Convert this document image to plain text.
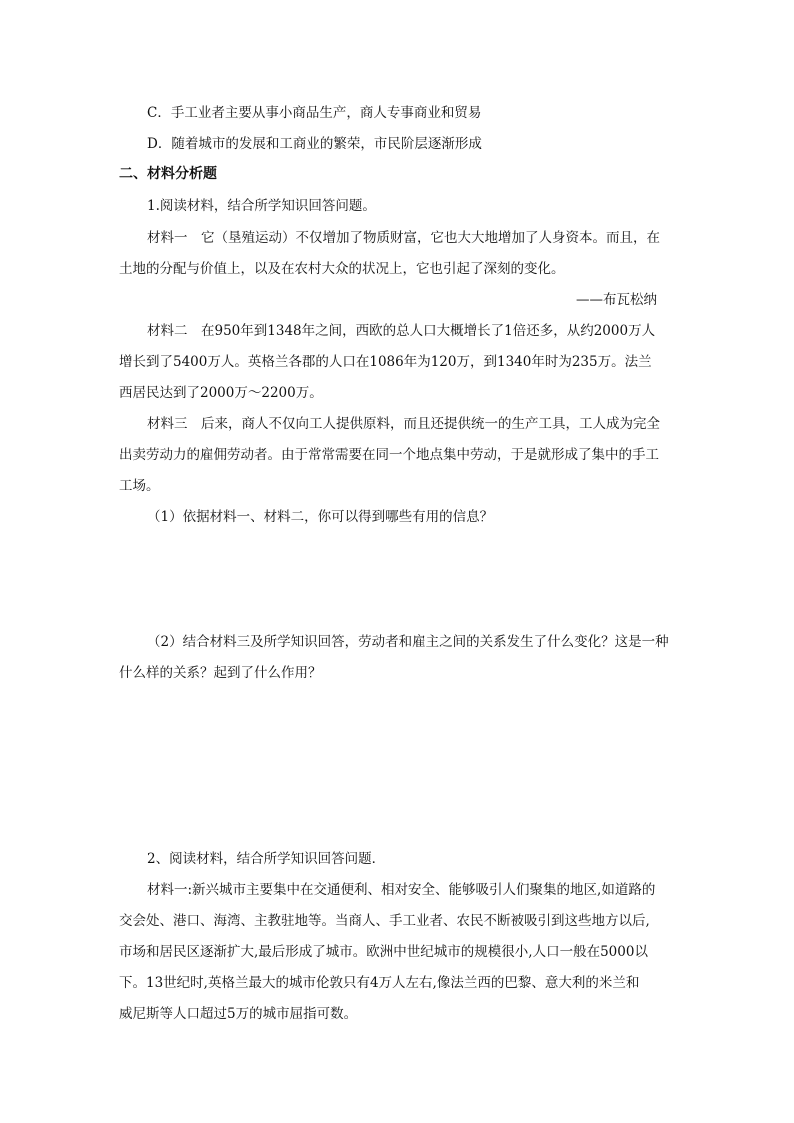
C．手工业者主要从事小商品生产，商人专事商业和贸易
D．随着城市的发展和工商业的繁荣，市民阶层逐渐形成
二、材料分析题
1.阅读材料，结合所学知识回答问题。
材料一　它（垦殖运动）不仅增加了物质财富，它也大大地增加了人身资本。而且，在
土地的分配与价值上，以及在农村大众的状况上，它也引起了深刻的变化。
——布瓦松纳
材料二　在950年到1348年之间，西欧的总人口大概增长了1倍还多，从约2000万人
增长到了5400万人。英格兰各郡的人口在1086年为120万，到1340年时为235万。法兰
西居民达到了2000万～2200万。
材料三　后来，商人不仅向工人提供原料，而且还提供统一的生产工具，工人成为完全
出卖劳动力的雇佣劳动者。由于常常需要在同一个地点集中劳动，于是就形成了集中的手工
工场。
（1）依据材料一、材料二，你可以得到哪些有用的信息？
（2）结合材料三及所学知识回答，劳动者和雇主之间的关系发生了什么变化？这是一种
什么样的关系？起到了什么作用？
2、阅读材料，结合所学知识回答问题．
材料一:新兴城市主要集中在交通便利、相对安全、能够吸引人们聚集的地区,如道路的
交会处、港口、海湾、主教驻地等。当商人、手工业者、农民不断被吸引到这些地方以后,
市场和居民区逐渐扩大,最后形成了城市。欧洲中世纪城市的规模很小,人口一般在5000以
下。13世纪时,英格兰最大的城市伦敦只有4万人左右,像法兰西的巴黎、意大利的米兰和
威尼斯等人口超过5万的城市屈指可数。
